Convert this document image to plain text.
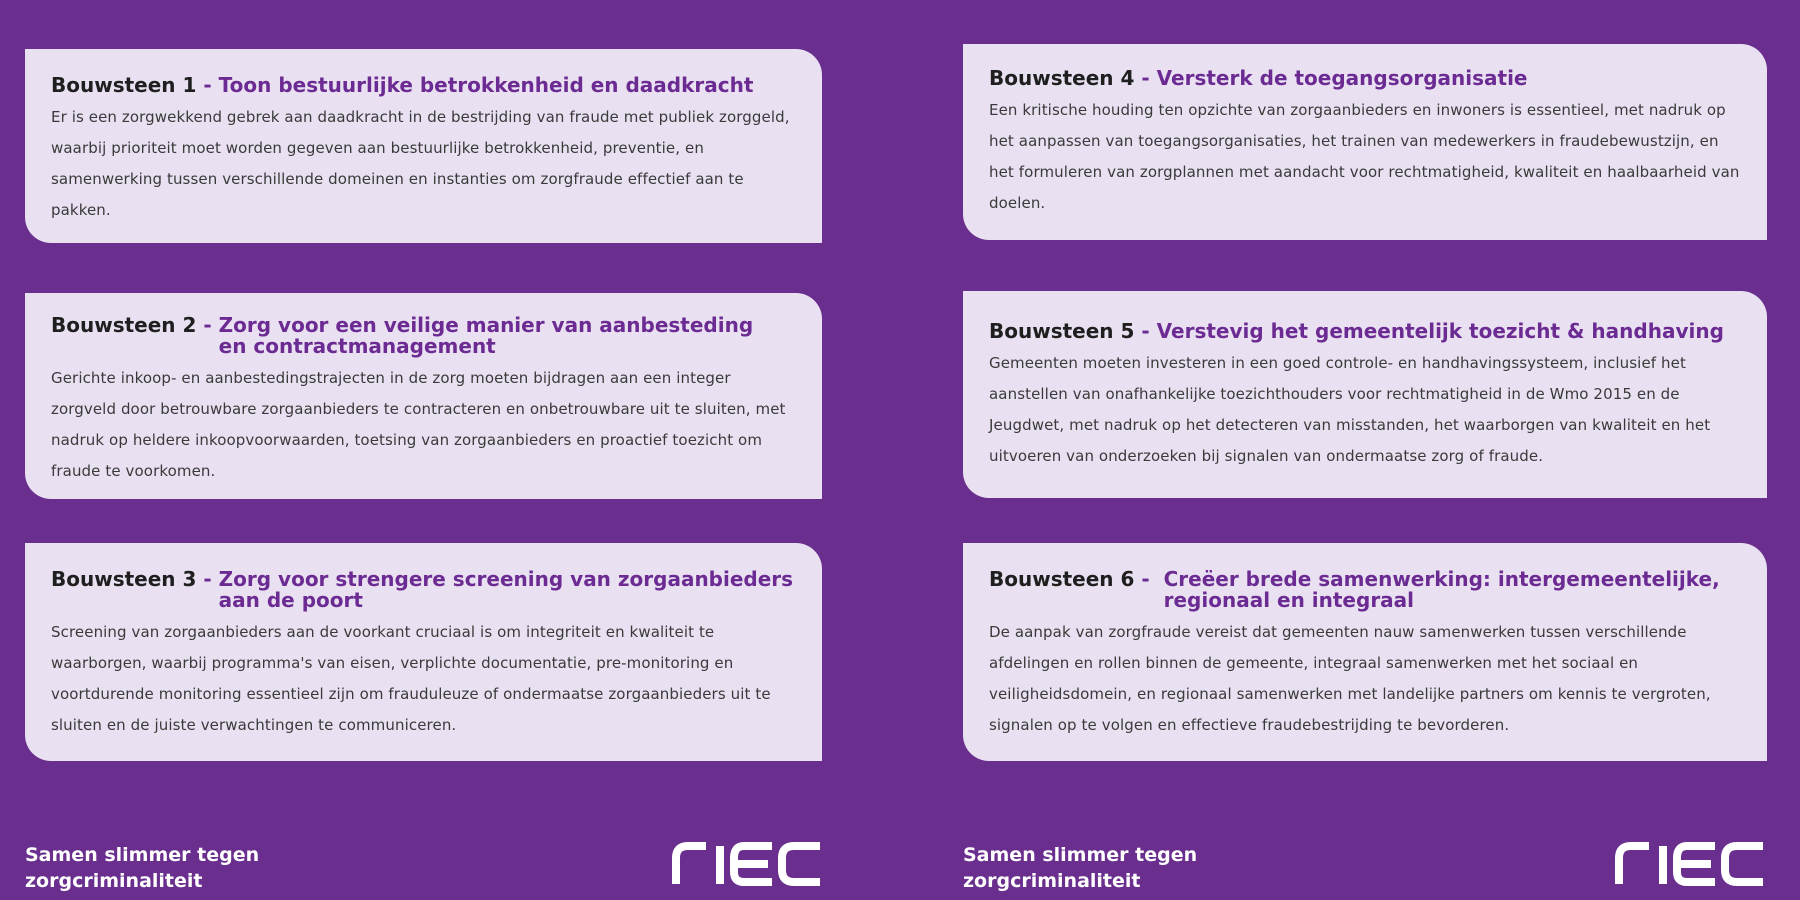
Bouwsteen 1 - Toon bestuurlijke betrokkenheid en daadkracht

Er is een zorgwekkend gebrek aan daadkracht in de bestrijding van fraude met publiek zorggeld, waarbij prioriteit moet worden gegeven aan bestuurlijke betrokkenheid, preventie, en samenwerking tussen verschillende domeinen en instanties om zorgfraude effectief aan te pakken.

Bouwsteen 2 - Zorg voor een veilige manier van aanbesteding en contractmanagement

Gerichte inkoop- en aanbestedingstrajecten in de zorg moeten bijdragen aan een integer zorgveld door betrouwbare zorgaanbieders te contracteren en onbetrouwbare uit te sluiten, met nadruk op heldere inkoopvoorwaarden, toetsing van zorgaanbieders en proactief toezicht om fraude te voorkomen.

Bouwsteen 3 - Zorg voor strengere screening van zorgaanbieders aan de poort

Screening van zorgaanbieders aan de voorkant cruciaal is om integriteit en kwaliteit te waarborgen, waarbij programma's van eisen, verplichte documentatie, pre-monitoring en voortdurende monitoring essentieel zijn om frauduleuze of ondermaatse zorgaanbieders uit te sluiten en de juiste verwachtingen te communiceren.

Samen slimmer tegen
zorgcriminaliteit
Bouwsteen 4 - Versterk de toegangsorganisatie

Een kritische houding ten opzichte van zorgaanbieders en inwoners is essentieel, met nadruk op het aanpassen van toegangsorganisaties, het trainen van medewerkers in fraudebewustzijn, en het formuleren van zorgplannen met aandacht voor rechtmatigheid, kwaliteit en haalbaarheid van doelen.

Bouwsteen 5 - Verstevig het gemeentelijk toezicht & handhaving

Gemeenten moeten investeren in een goed controle- en handhavingssysteem, inclusief het aanstellen van onafhankelijke toezichthouders voor rechtmatigheid in de Wmo 2015 en de Jeugdwet, met nadruk op het detecteren van misstanden, het waarborgen van kwaliteit en het uitvoeren van onderzoeken bij signalen van ondermaatse zorg of fraude.

Bouwsteen 6 - Creëer brede samenwerking: intergemeentelijke, regionaal en integraal

De aanpak van zorgfraude vereist dat gemeenten nauw samenwerken tussen verschillende afdelingen en rollen binnen de gemeente, integraal samenwerken met het sociaal en veiligheidsdomein, en regionaal samenwerken met landelijke partners om kennis te vergroten, signalen op te volgen en effectieve fraudebestrijding te bevorderen.

Samen slimmer tegen
zorgcriminaliteit
